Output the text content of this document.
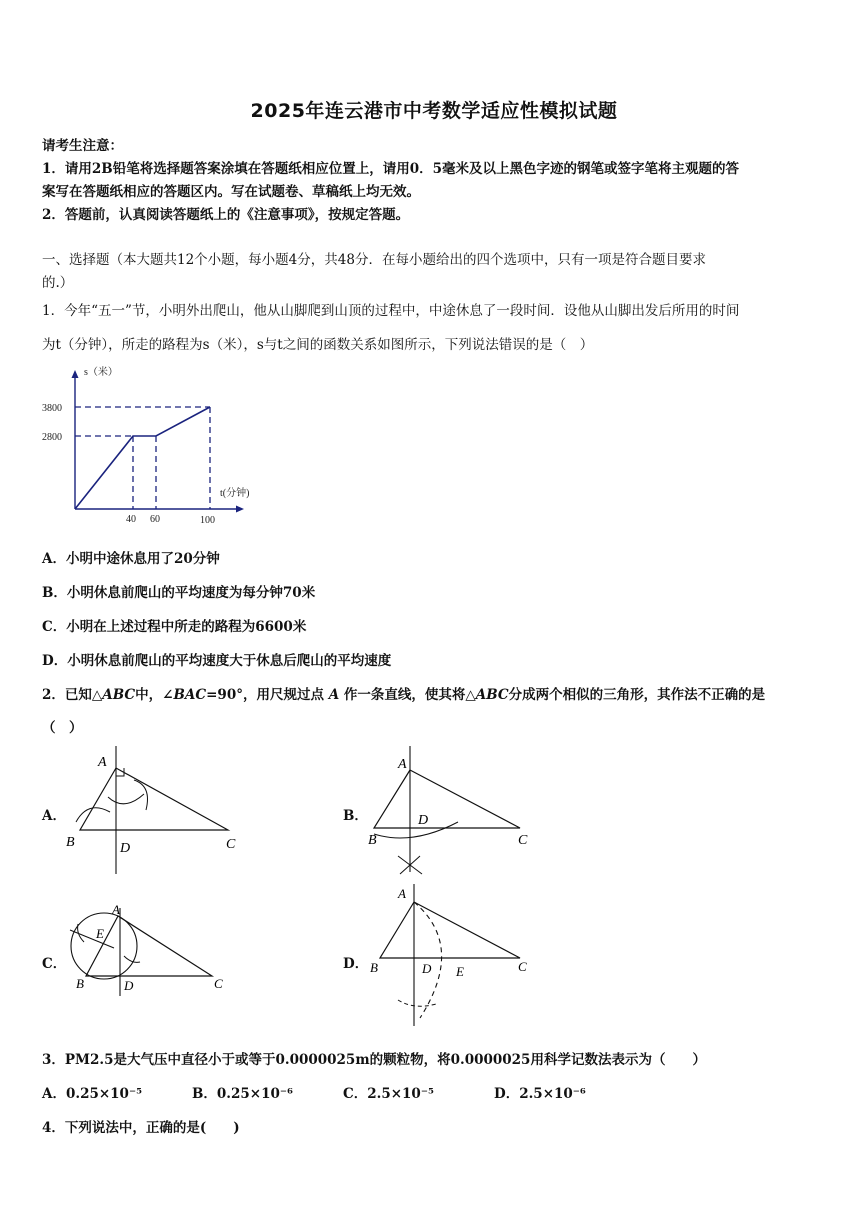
2025年连云港市中考数学适应性模拟试题
请考生注意：
1．请用2B铅笔将选择题答案涂填在答题纸相应位置上，请用0．5毫米及以上黑色字迹的钢笔或签字笔将主观题的答
案写在答题纸相应的答题区内。写在试题卷、草稿纸上均无效。
2．答题前，认真阅读答题纸上的《注意事项》，按规定答题。
一、选择题（本大题共12个小题，每小题4分，共48分．在每小题给出的四个选项中，只有一项是符合题目要求
的.）
1．今年“五一”节，小明外出爬山，他从山脚爬到山顶的过程中，中途休息了一段时间．设他从山脚出发后所用的时间
为t（分钟），所走的路程为s（米），s与t之间的函数关系如图所示，下列说法错误的是（　）
s（米）
3800
2800
t(分钟)
40 60	100
A．小明中途休息用了20分钟
B．小明休息前爬山的平均速度为每分钟70米
C．小明在上述过程中所走的路程为6600米
D．小明休息前爬山的平均速度大于休息后爬山的平均速度
2．已知△ABC中，∠BAC=90°，用尺规过点 A 作一条直线，使其将△ABC分成两个相似的三角形，其作法不正确的是
（　）
A．
A
B	D	C
B．
A
B
D
C
C．
A
E
B	D	C
D．
A
B	D E	C
3．PM2.5是大气压中直径小于或等于0.0000025m的颗粒物，将0.0000025用科学记数法表示为（　　）
A．0.25×10⁻⁵	B．0.25×10⁻⁶	C．2.5×10⁻⁵	D．2.5×10⁻⁶
4．下列说法中，正确的是(　　)
